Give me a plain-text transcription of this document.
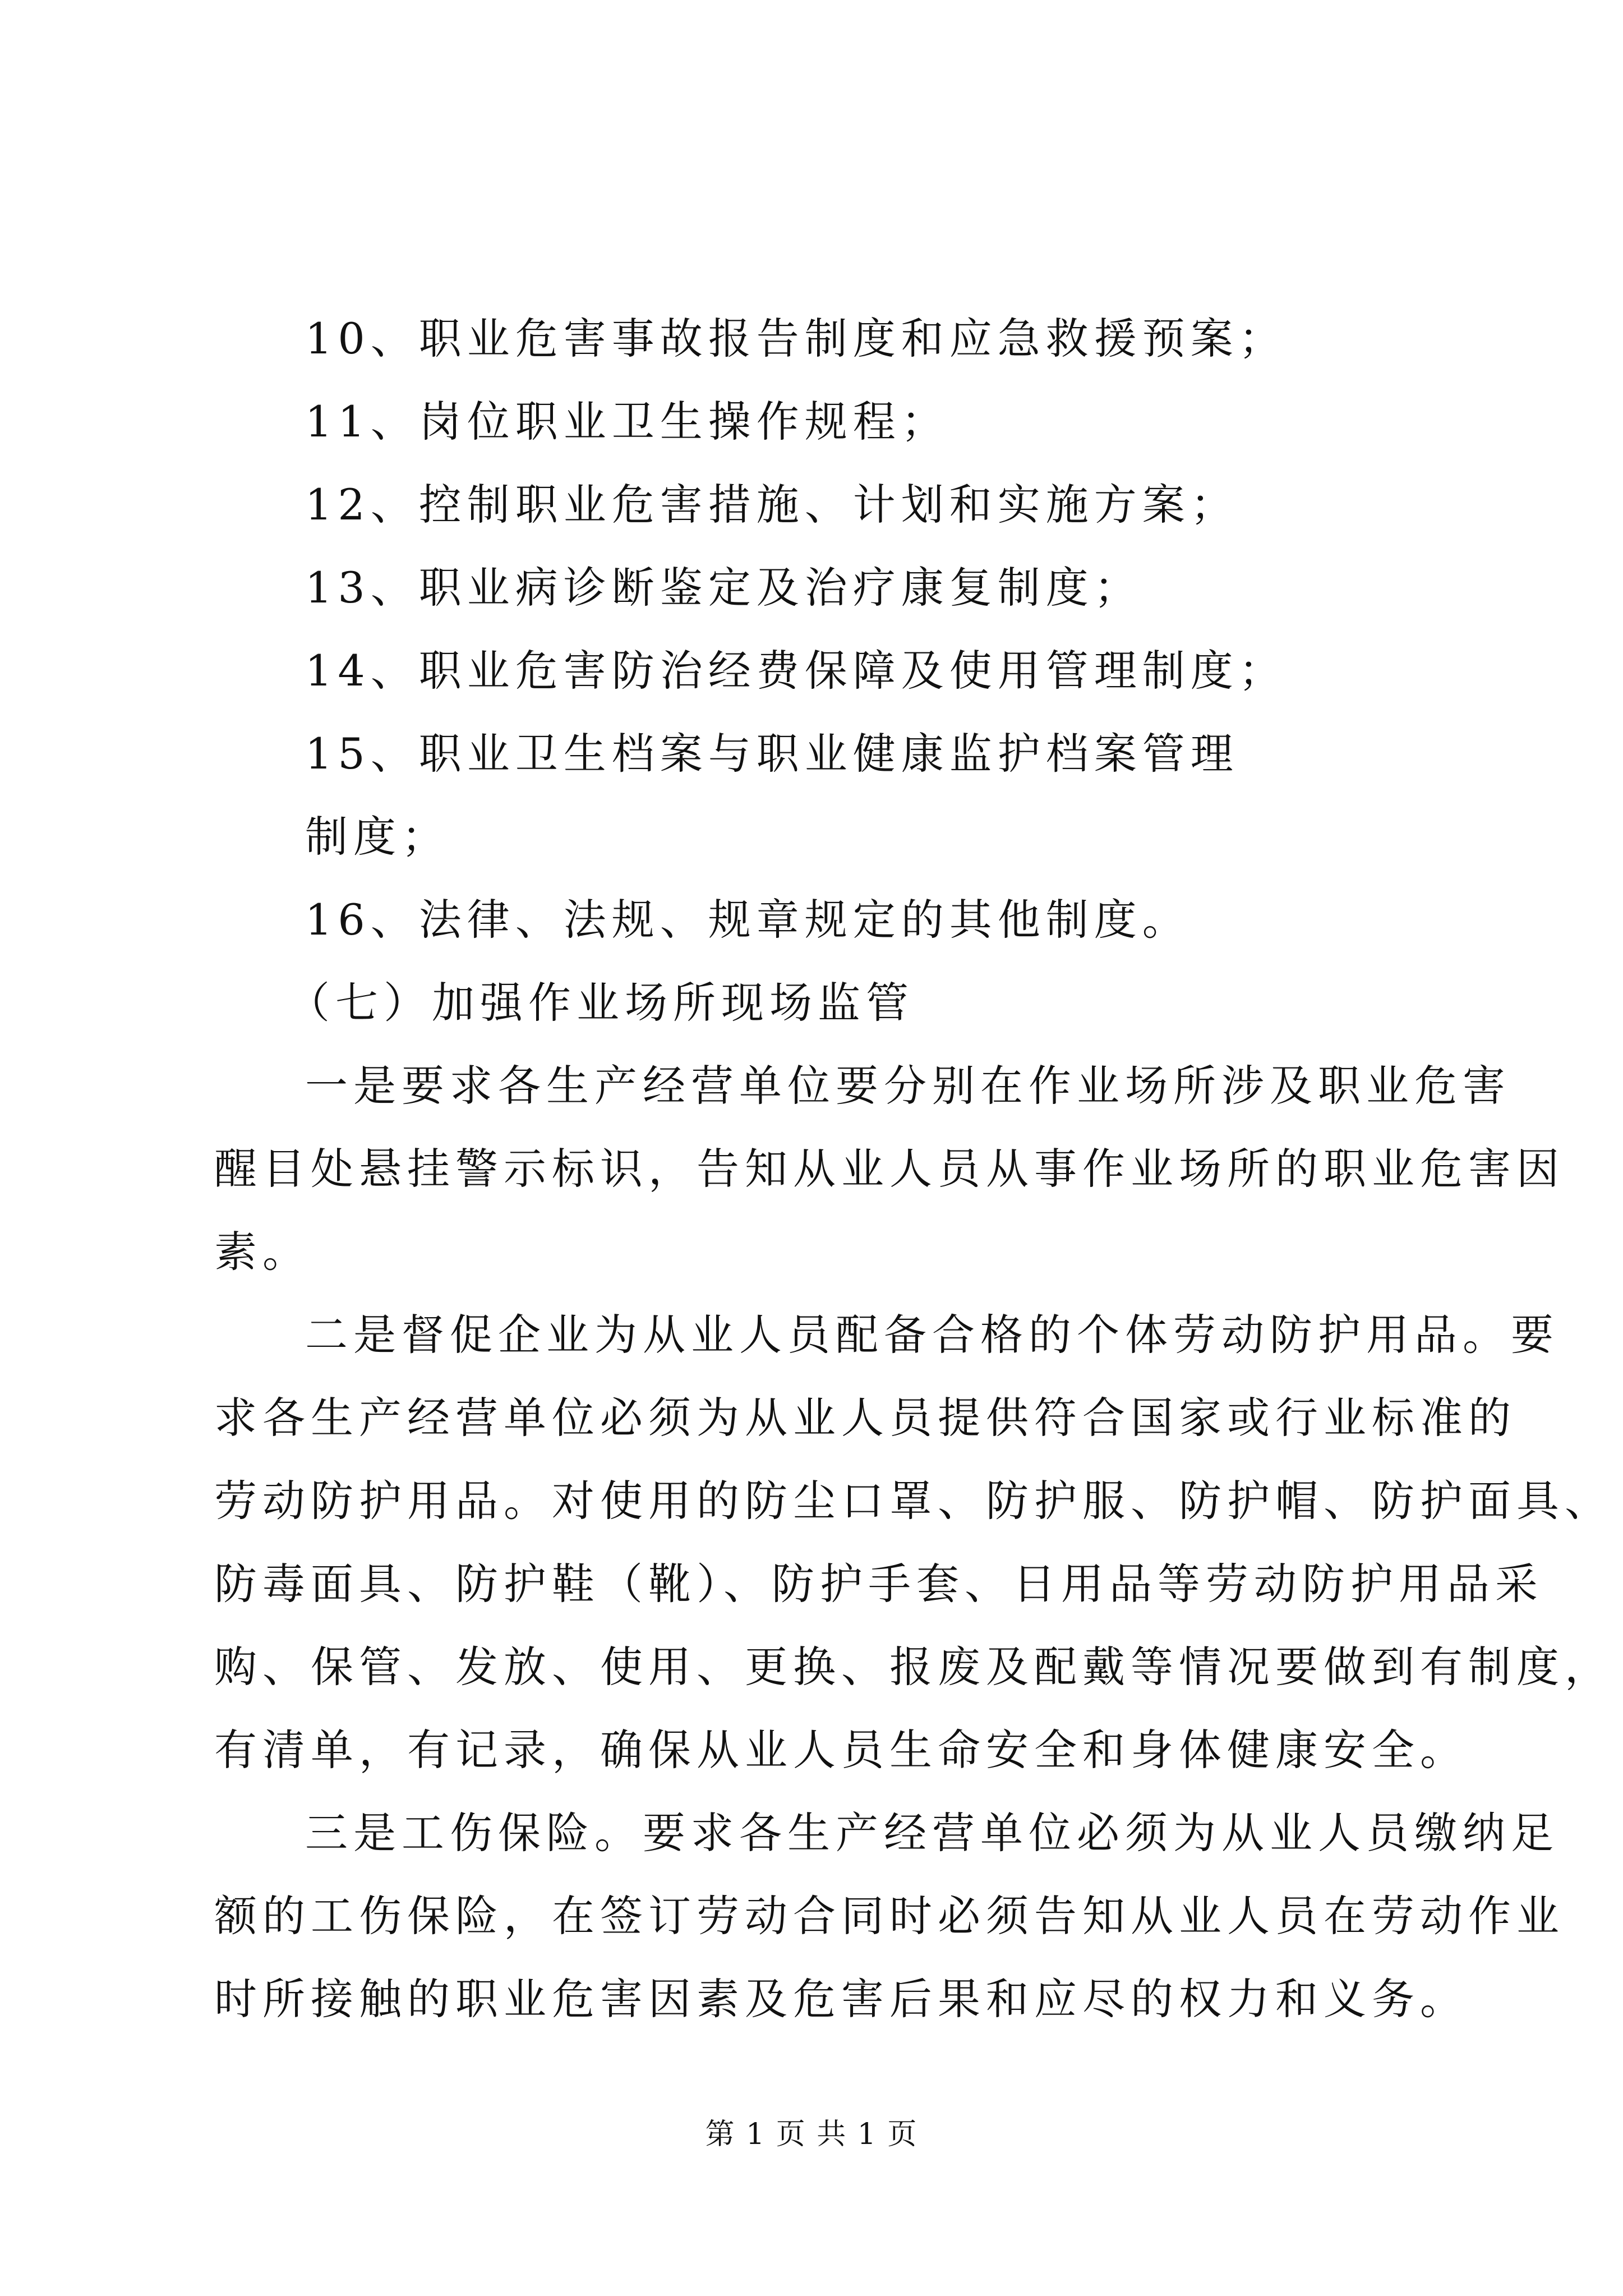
10、职业危害事故报告制度和应急救援预案；
11、岗位职业卫生操作规程；
12、控制职业危害措施、计划和实施方案；
13、职业病诊断鉴定及治疗康复制度；
14、职业危害防治经费保障及使用管理制度；
15、职业卫生档案与职业健康监护档案管理
制度；
16、法律、法规、规章规定的其他制度。
（七）加强作业场所现场监管
一是要求各生产经营单位要分别在作业场所涉及职业危害
醒目处悬挂警示标识，告知从业人员从事作业场所的职业危害因
素。
二是督促企业为从业人员配备合格的个体劳动防护用品。要
求各生产经营单位必须为从业人员提供符合国家或行业标准的
劳动防护用品。对使用的防尘口罩、防护服、防护帽、防护面具、
防毒面具、防护鞋（靴）、防护手套、日用品等劳动防护用品采
购、保管、发放、使用、更换、报废及配戴等情况要做到有制度，
有清单，有记录，确保从业人员生命安全和身体健康安全。
三是工伤保险。要求各生产经营单位必须为从业人员缴纳足
额的工伤保险，在签订劳动合同时必须告知从业人员在劳动作业
时所接触的职业危害因素及危害后果和应尽的权力和义务。
第 1 页 共 1 页
